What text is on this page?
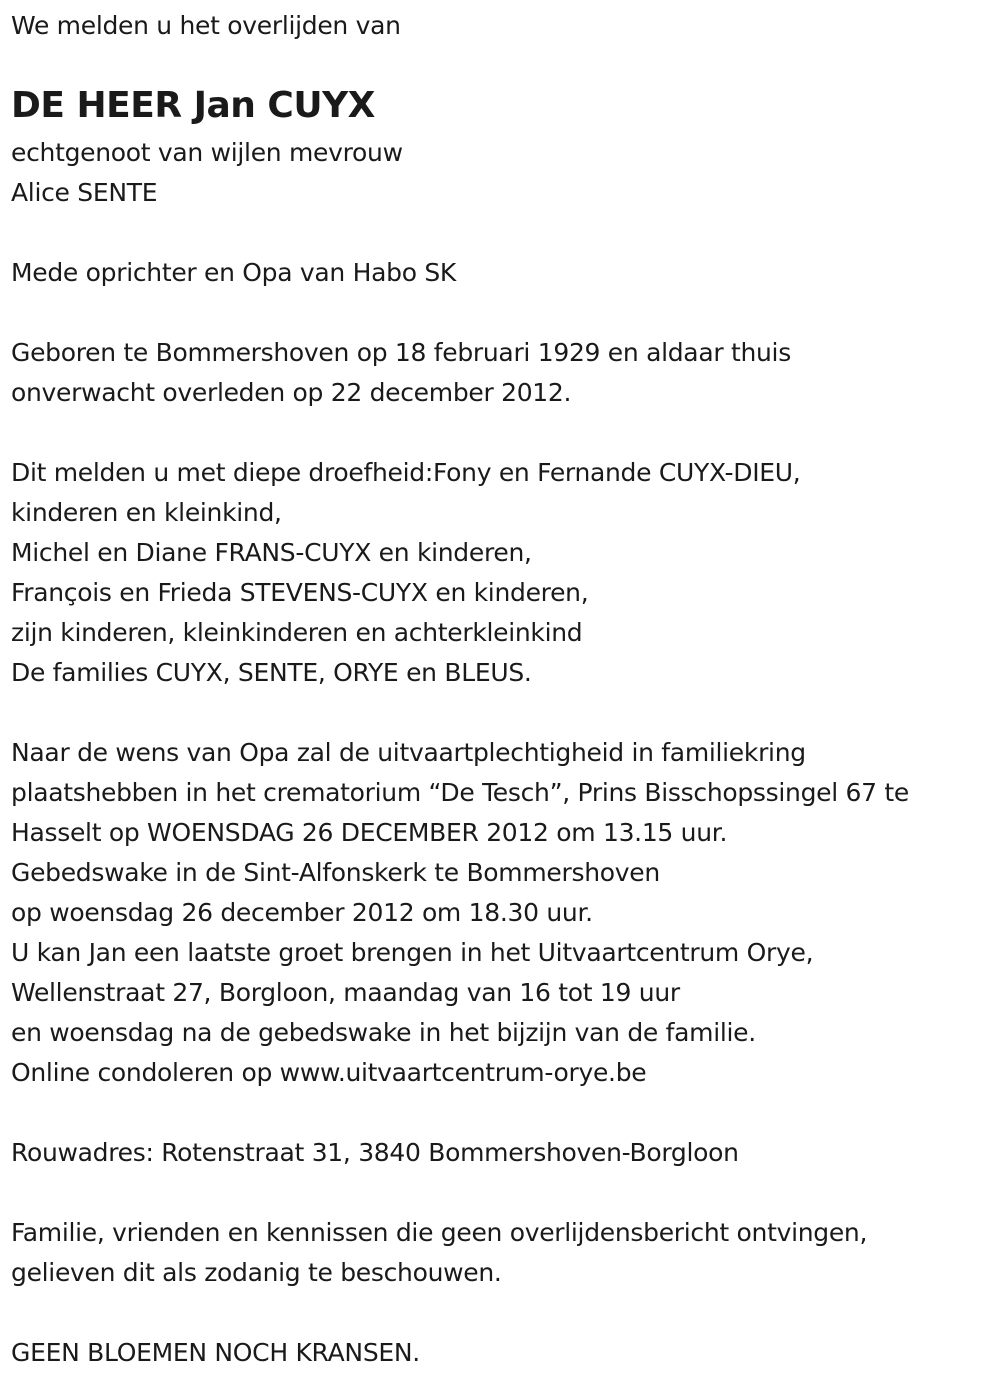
We melden u het overlijden van
DE HEER Jan CUYX
echtgenoot van wijlen mevrouw
Alice SENTE
Mede oprichter en Opa van Habo SK
Geboren te Bommershoven op 18 februari 1929 en aldaar thuis
onverwacht overleden op 22 december 2012.
Dit melden u met diepe droefheid:Fony en Fernande CUYX-DIEU,
kinderen en kleinkind,
Michel en Diane FRANS-CUYX en kinderen,
François en Frieda STEVENS-CUYX en kinderen,
zijn kinderen, kleinkinderen en achterkleinkind
De families CUYX, SENTE, ORYE en BLEUS.
Naar de wens van Opa zal de uitvaartplechtigheid in familiekring
plaatshebben in het crematorium “De Tesch”, Prins Bisschopssingel 67 te
Hasselt op WOENSDAG 26 DECEMBER 2012 om 13.15 uur.
Gebedswake in de Sint-Alfonskerk te Bommershoven
op woensdag 26 december 2012 om 18.30 uur.
U kan Jan een laatste groet brengen in het Uitvaartcentrum Orye,
Wellenstraat 27, Borgloon, maandag van 16 tot 19 uur
en woensdag na de gebedswake in het bijzijn van de familie.
Online condoleren op www.uitvaartcentrum-orye.be
Rouwadres: Rotenstraat 31, 3840 Bommershoven-Borgloon
Familie, vrienden en kennissen die geen overlijdensbericht ontvingen,
gelieven dit als zodanig te beschouwen.
GEEN BLOEMEN NOCH KRANSEN.
